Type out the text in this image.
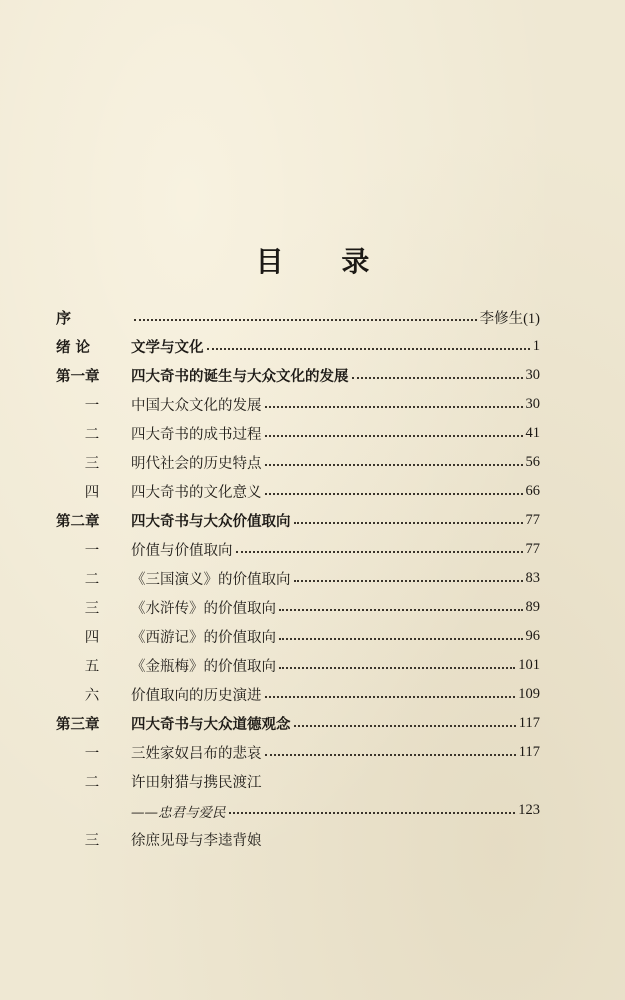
目 录
序	李修生(1)
绪 论	文学与文化	1
第一章	四大奇书的诞生与大众文化的发展	30
一	中国大众文化的发展	30
二	四大奇书的成书过程	41
三	明代社会的历史特点	56
四	四大奇书的文化意义	66
第二章	四大奇书与大众价值取向	77
一	价值与价值取向	77
二	《三国演义》的价值取向	83
三	《水浒传》的价值取向	89
四	《西游记》的价值取向	96
五	《金瓶梅》的价值取向	101
六	价值取向的历史演进	109
第三章	四大奇书与大众道德观念	117
一	三姓家奴吕布的悲哀	117
二	许田射猎与携民渡江
——忠君与爱民	123
三	徐庶见母与李逵背娘
